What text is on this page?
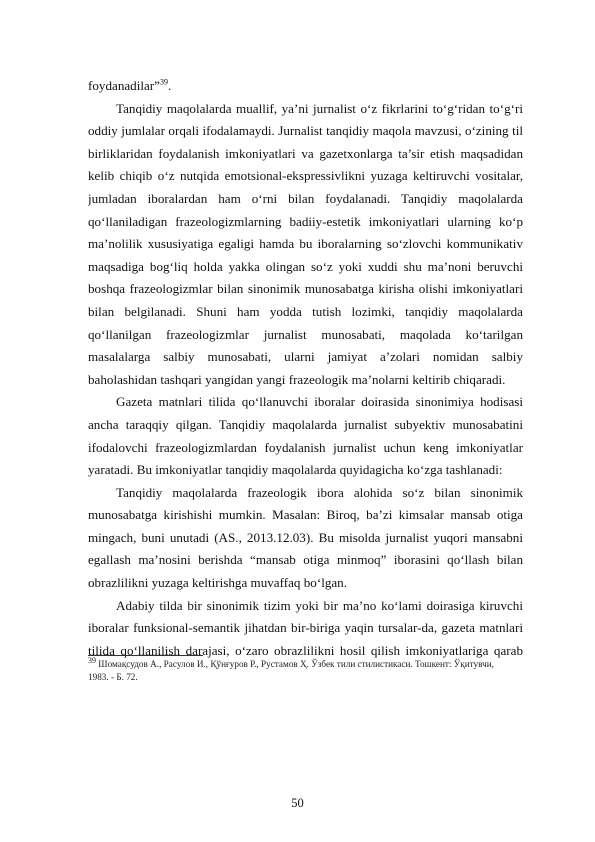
foydanadilar”$^{39}$.
Tanqidiy maqolalarda muallif, ya’ni jurnalist o‘z fikrlarini to‘g‘ridan to‘g‘ri
oddiy jumlalar orqali ifodalamaydi. Jurnalist tanqidiy maqola mavzusi, o‘zining til
birliklaridan foydalanish imkoniyatlari va gazetxonlarga ta’sir etish maqsadidan
kelib chiqib o‘z nutqida emotsional-ekspressivlikni yuzaga keltiruvchi vositalar,
jumladan iboralardan ham o‘rni bilan foydalanadi. Tanqidiy maqolalarda
qo‘llaniladigan frazeologizmlarning badiiy-estetik imkoniyatlari ularning ko‘p
ma’nolilik xususiyatiga egaligi hamda bu iboralarning so‘zlovchi kommunikativ
maqsadiga bog‘liq holda yakka olingan so‘z yoki xuddi shu ma’noni beruvchi
boshqa frazeologizmlar bilan sinonimik munosabatga kirisha olishi imkoniyatlari
bilan belgilanadi. Shuni ham yodda tutish lozimki, tanqidiy maqolalarda
qo‘llanilgan frazeologizmlar jurnalist munosabati, maqolada ko‘tarilgan
masalalarga salbiy munosabati, ularni jamiyat a’zolari nomidan salbiy
baholashidan tashqari yangidan yangi frazeologik ma’nolarni keltirib chiqaradi.
Gazeta matnlari tilida qo‘llanuvchi iboralar doirasida sinonimiya hodisasi
ancha taraqqiy qilgan. Tanqidiy maqolalarda jurnalist subyektiv munosabatini
ifodalovchi frazeologizmlardan foydalanish jurnalist uchun keng imkoniyatlar
yaratadi. Bu imkoniyatlar tanqidiy maqolalarda quyidagicha ko‘zga tashlanadi:
Tanqidiy maqolalarda frazeologik ibora alohida so‘z bilan sinonimik
munosabatga kirishishi mumkin. Masalan: Biroq, ba’zi kimsalar mansab otiga
mingach, buni unutadi (AS., 2013.12.03). Bu misolda jurnalist yuqori mansabni
egallash ma’nosini berishda “mansab otiga minmoq” iborasini qo‘llash bilan
obrazlilikni yuzaga keltirishga muvaffaq bo‘lgan.
Adabiy tilda bir sinonimik tizim yoki bir ma’no ko‘lami doirasiga kiruvchi
iboralar funksional-semantik jihatdan bir-biriga yaqin tursalar-da, gazeta matnlari
tilida qo‘llanilish darajasi, o‘zaro obrazlilikni hosil qilish imkoniyatlariga qarab
$^{39}$ Шомақсудов А., Расулов И., Қўнғуров Р., Рустамов Ҳ. Ўзбек тили стилистикаси. Тошкент: Ўқитувчи,
1983. - Б. 72.
50
